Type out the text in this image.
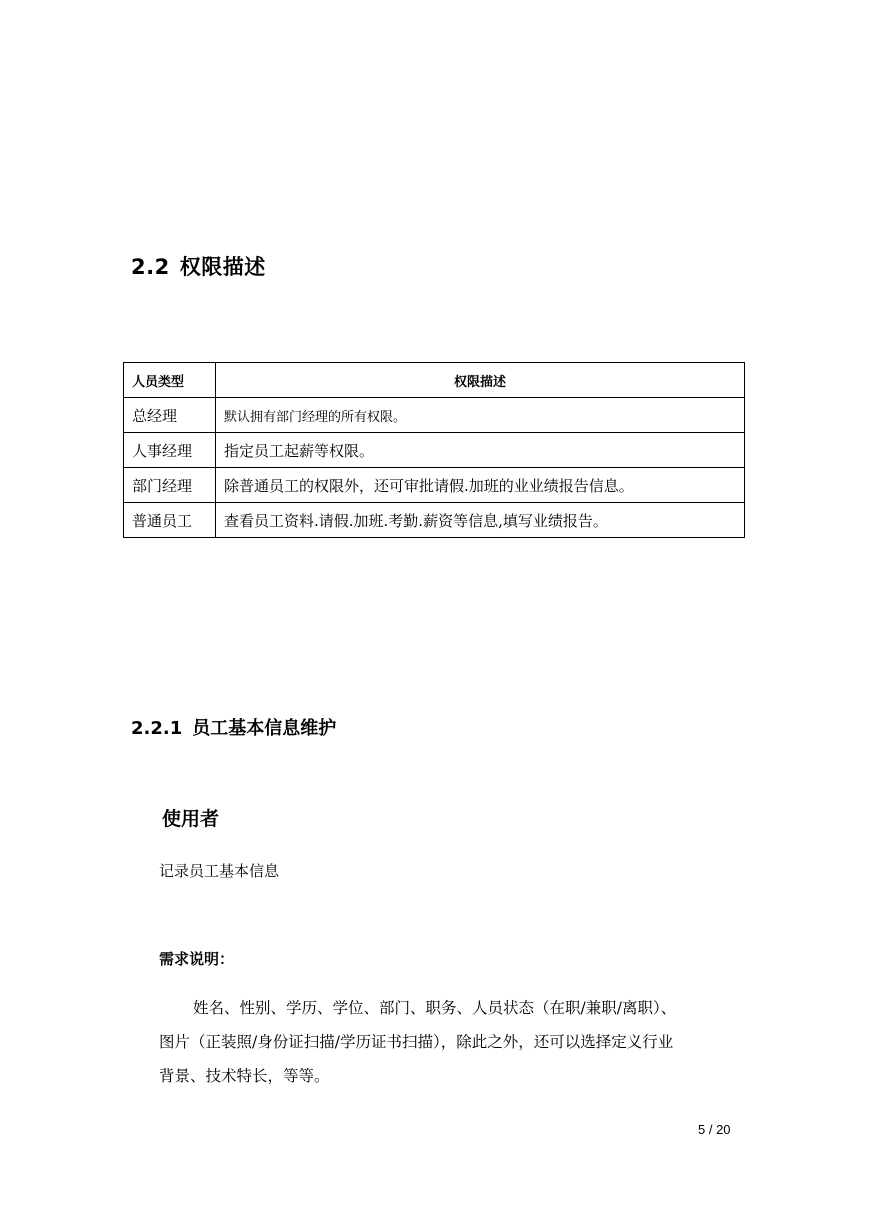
2.2 权限描述
人员类型	权限描述
总经理	默认拥有部门经理的所有权限。
人事经理	指定员工起薪等权限。
部门经理	除普通员工的权限外，还可审批请假.加班的业业绩报告信息。
普通员工	查看员工资料.请假.加班.考勤.薪资等信息,填写业绩报告。
2.2.1 员工基本信息维护
使用者
记录员工基本信息
需求说明：
姓名、性别、学历、学位、部门、职务、人员状态（在职/兼职/离职）、
图片（正装照/身份证扫描/学历证书扫描），除此之外，还可以选择定义行业
背景、技术特长，等等。
5 / 20
